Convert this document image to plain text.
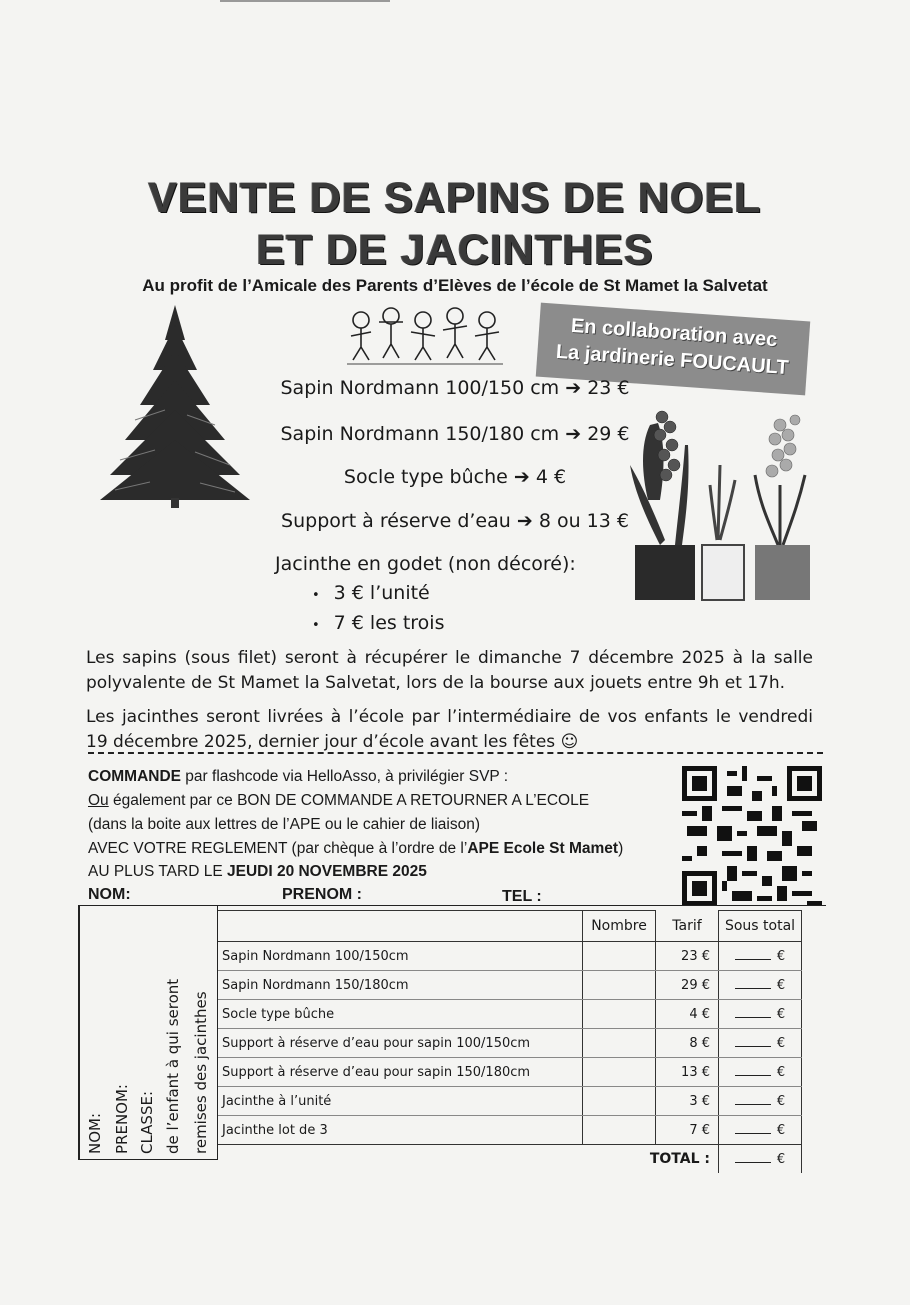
VENTE DE SAPINS DE NOEL
ET DE JACINTHES
Au profit de l’Amicale des Parents d’Elèves de l’école de St Mamet la Salvetat
En collaboration avec
La jardinerie FOUCAULT
Sapin Nordmann 100/150 cm ➔ 23 €
Sapin Nordmann 150/180 cm ➔ 29 €
Socle type bûche ➔ 4 €
Support à réserve d’eau ➔ 8 ou 13 €
Jacinthe en godet (non décoré):
• 3 € l’unité
• 7 € les trois
Les sapins (sous filet) seront à récupérer le dimanche 7 décembre 2025 à la salle polyvalente de St Mamet la Salvetat, lors de la bourse aux jouets entre 9h et 17h.
Les jacinthes seront livrées à l’école par l’intermédiaire de vos enfants le vendredi 19 décembre 2025, dernier jour d’école avant les fêtes ☺
COMMANDE par flashcode via HelloAsso, à privilégier SVP :
Ou également par ce BON DE COMMANDE A RETOURNER A L’ECOLE
(dans la boite aux lettres de l’APE ou le cahier de liaison)
AVEC VOTRE REGLEMENT (par chèque à l’ordre de l’APE Ecole St Mamet)
AU PLUS TARD LE JEUDI 20 NOVEMBRE 2025
NOM:	PRENOM :	TEL :
NOM: PRENOM: CLASSE: de l’enfant à qui seront remises des jacinthes
	Nombre	Tarif	Sous total
Sapin Nordmann 100/150cm		23 €	€
Sapin Nordmann 150/180cm		29 €	€
Socle type bûche		4 €	€
Support à réserve d’eau pour sapin 100/150cm		8 €	€
Support à réserve d’eau pour sapin 150/180cm		13 €	€
Jacinthe à l’unité		3 €	€
Jacinthe lot de 3		7 €	€
	TOTAL :		€
